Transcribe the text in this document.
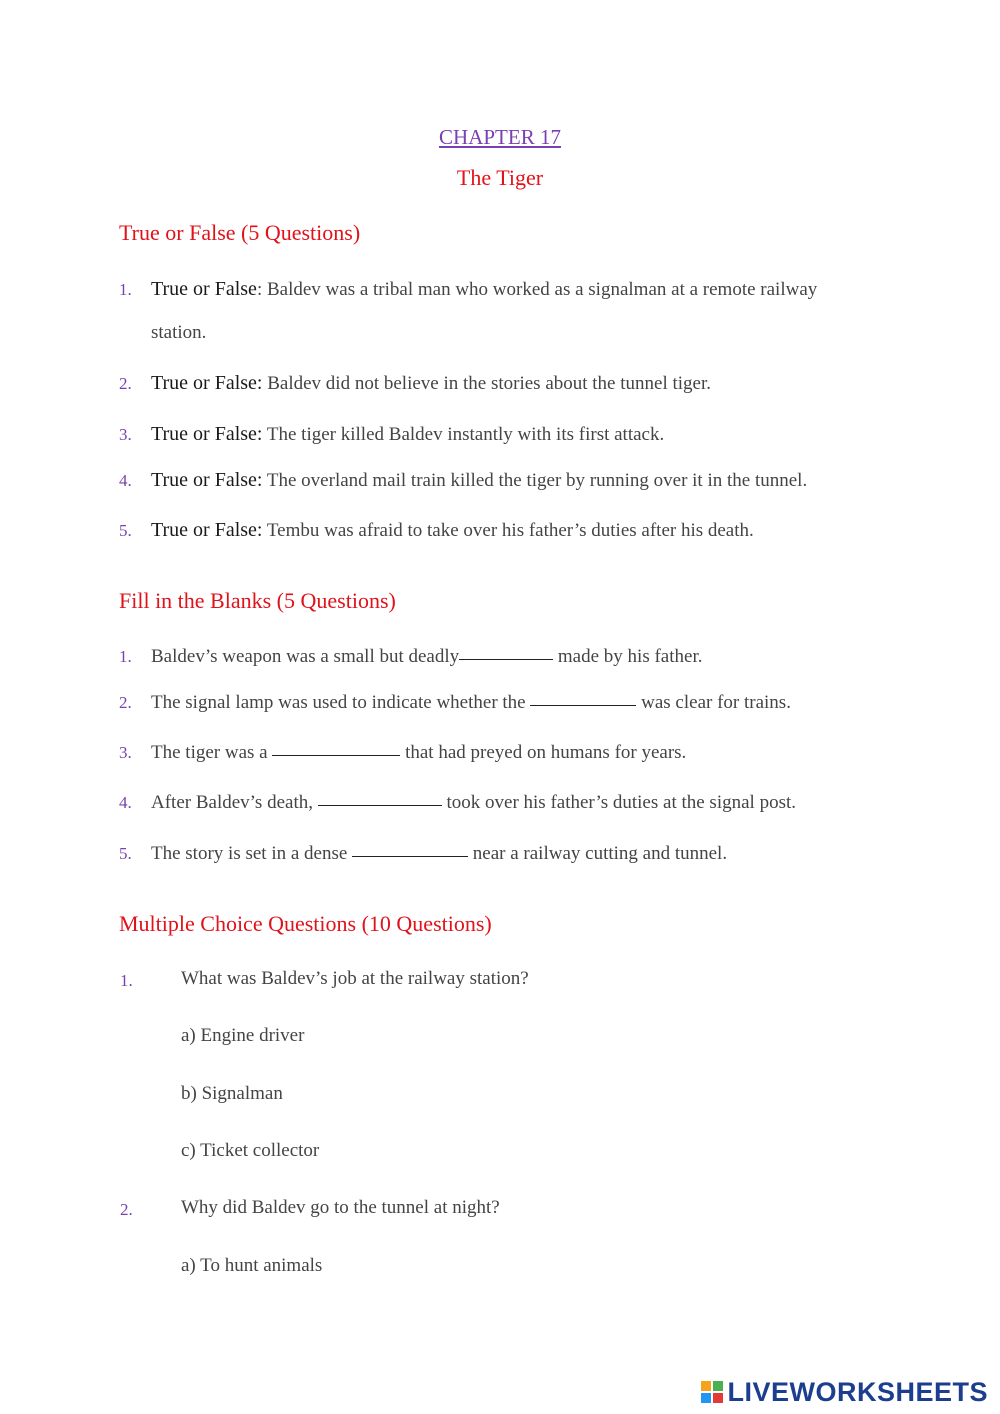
CHAPTER 17
The Tiger
True or False (5 Questions)
1. True or False: Baldev was a tribal man who worked as a signalman at a remote railway
station.
2. True or False: Baldev did not believe in the stories about the tunnel tiger.
3. True or False: The tiger killed Baldev instantly with its first attack.
4. True or False: The overland mail train killed the tiger by running over it in the tunnel.
5. True or False: Tembu was afraid to take over his father’s duties after his death.
Fill in the Blanks (5 Questions)
1. Baldev’s weapon was a small but deadly	made by his father.
2. The signal lamp was used to indicate whether the	was clear for trains.
3. The tiger was a	that had preyed on humans for years.
4. After Baldev’s death,	took over his father’s duties at the signal post.
5. The story is set in a dense	near a railway cutting and tunnel.
Multiple Choice Questions (10 Questions)
1.	What was Baldev’s job at the railway station?
a) Engine driver
b) Signalman
c) Ticket collector
2.	Why did Baldev go to the tunnel at night?
a) To hunt animals
LIVEWORKSHEETS
